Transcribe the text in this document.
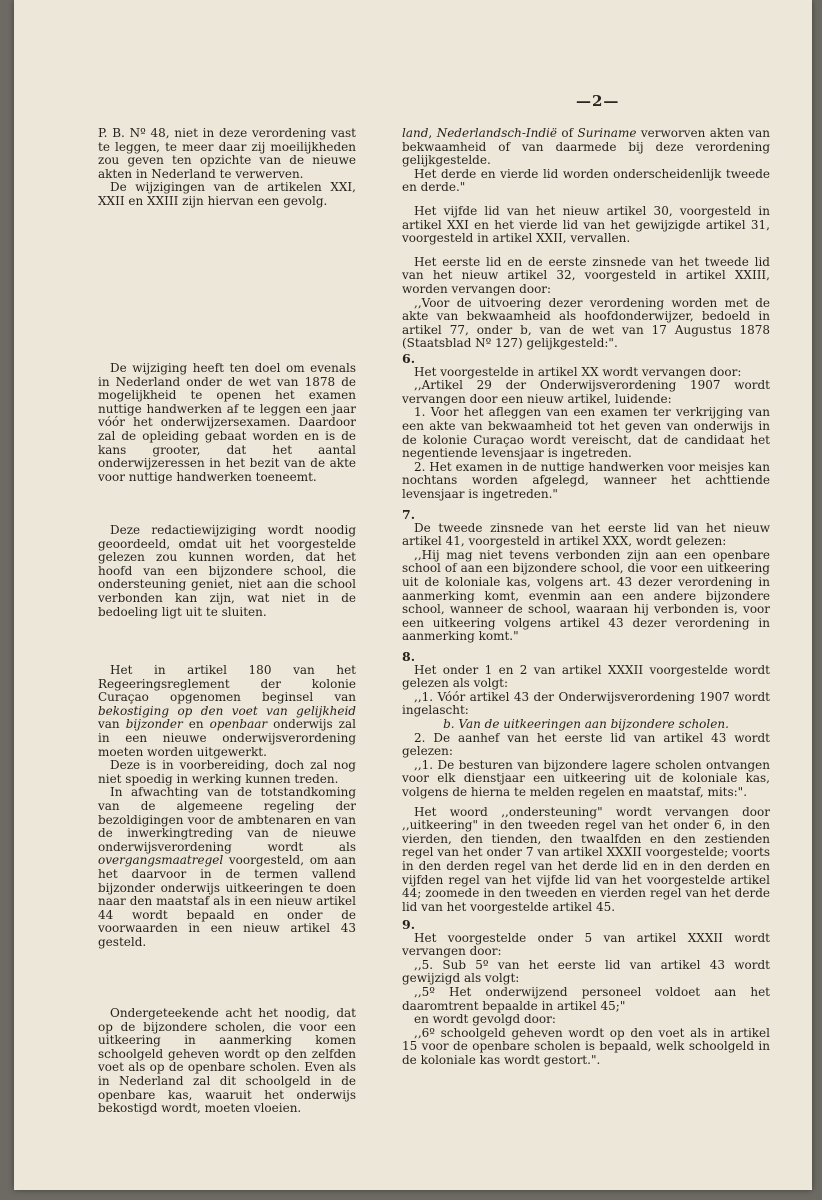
—2—

P. B. Nº 48, niet in deze verordening vast te leggen, te meer daar zij moeilijkheden zou geven ten opzichte van de nieuwe akten in Nederland te verwerven.

De wijzigingen van de artikelen XXI, XXII en XXIII zijn hiervan een gevolg.

De wijziging heeft ten doel om evenals in Nederland onder de wet van 1878 de mogelijkheid te openen het examen nuttige handwerken af te leggen een jaar vóór het onderwijzersexamen. Daardoor zal de opleiding gebaat worden en is de kans grooter, dat het aantal onderwijzeressen in het bezit van de akte voor nuttige handwerken toeneemt.

Deze redactiewijziging wordt noodig geoordeeld, omdat uit het voorgestelde gelezen zou kunnen worden, dat het hoofd van een bijzondere school, die ondersteuning geniet, niet aan die school verbonden kan zijn, wat niet in de bedoeling ligt uit te sluiten.

Het in artikel 180 van het Regeeringsreglement der kolonie Curaçao opgenomen beginsel van bekostiging op den voet van gelijkheid van bijzonder en openbaar onderwijs zal in een nieuwe onderwijsverordening moeten worden uitgewerkt.

Deze is in voorbereiding, doch zal nog niet spoedig in werking kunnen treden.

In afwachting van de totstandkoming van de algemeene regeling der bezoldigingen voor de ambtenaren en van de inwerkingtreding van de nieuwe onderwijsverordening wordt als overgangsmaatregel voorgesteld, om aan het daarvoor in de termen vallend bijzonder onderwijs uitkeeringen te doen naar den maatstaf als in een nieuw artikel 44 wordt bepaald en onder de voorwaarden in een nieuw artikel 43 gesteld.

Ondergeteekende acht het noodig, dat op de bijzondere scholen, die voor een uitkeering in aanmerking komen schoolgeld geheven wordt op den zelfden voet als op de openbare scholen. Even als in Nederland zal dit schoolgeld in de openbare kas, waaruit het onderwijs bekostigd wordt, moeten vloeien.

land, Nederlandsch-Indië of Suriname verworven akten van bekwaamheid of van daarmede bij deze verordening gelijkgestelde.

Het derde en vierde lid worden onderscheidenlijk tweede en derde."

Het vijfde lid van het nieuw artikel 30, voorgesteld in artikel XXI en het vierde lid van het gewijzigde artikel 31, voorgesteld in artikel XXII, vervallen.

Het eerste lid en de eerste zinsnede van het tweede lid van het nieuw artikel 32, voorgesteld in artikel XXIII, worden vervangen door:

,,Voor de uitvoering dezer verordening worden met de akte van bekwaamheid als hoofdonderwijzer, bedoeld in artikel 77, onder b, van de wet van 17 Augustus 1878 (Staatsblad Nº 127) gelijkgesteld:".

6.

Het voorgestelde in artikel XX wordt vervangen door:

,,Artikel 29 der Onderwijsverordening 1907 wordt vervangen door een nieuw artikel, luidende:

1. Voor het afleggen van een examen ter verkrijging van een akte van bekwaamheid tot het geven van onderwijs in de kolonie Curaçao wordt vereischt, dat de candidaat het negentiende levensjaar is ingetreden.

2. Het examen in de nuttige handwerken voor meisjes kan nochtans worden afgelegd, wanneer het achttiende levensjaar is ingetreden."

7.

De tweede zinsnede van het eerste lid van het nieuw artikel 41, voorgesteld in artikel XXX, wordt gelezen:

,,Hij mag niet tevens verbonden zijn aan een openbare school of aan een bijzondere school, die voor een uitkeering uit de koloniale kas, volgens art. 43 dezer verordening in aanmerking komt, evenmin aan een andere bijzondere school, wanneer de school, waaraan hij verbonden is, voor een uitkeering volgens artikel 43 dezer verordening in aanmerking komt."

8.

Het onder 1 en 2 van artikel XXXII voorgestelde wordt gelezen als volgt:

,,1. Vóór artikel 43 der Onderwijsverordening 1907 wordt ingelascht:

b. Van de uitkeeringen aan bijzondere scholen.

2. De aanhef van het eerste lid van artikel 43 wordt gelezen:

,,1. De besturen van bijzondere lagere scholen ontvangen voor elk dienstjaar een uitkeering uit de koloniale kas, volgens de hierna te melden regelen en maatstaf, mits:".

Het woord ,,ondersteuning" wordt vervangen door ,,uitkeering" in den tweeden regel van het onder 6, in den vierden, den tienden, den twaalfden en den zestienden regel van het onder 7 van artikel XXXII voorgestelde; voorts in den derden regel van het derde lid en in den derden en vijfden regel van het vijfde lid van het voorgestelde artikel 44; zoomede in den tweeden en vierden regel van het derde lid van het voorgestelde artikel 45.

9.

Het voorgestelde onder 5 van artikel XXXII wordt vervangen door:

,,5. Sub 5º van het eerste lid van artikel 43 wordt gewijzigd als volgt:

,,5º Het onderwijzend personeel voldoet aan het daaromtrent bepaalde in artikel 45;"

en wordt gevolgd door:

,,6º schoolgeld geheven wordt op den voet als in artikel 15 voor de openbare scholen is bepaald, welk schoolgeld in de koloniale kas wordt gestort.".
